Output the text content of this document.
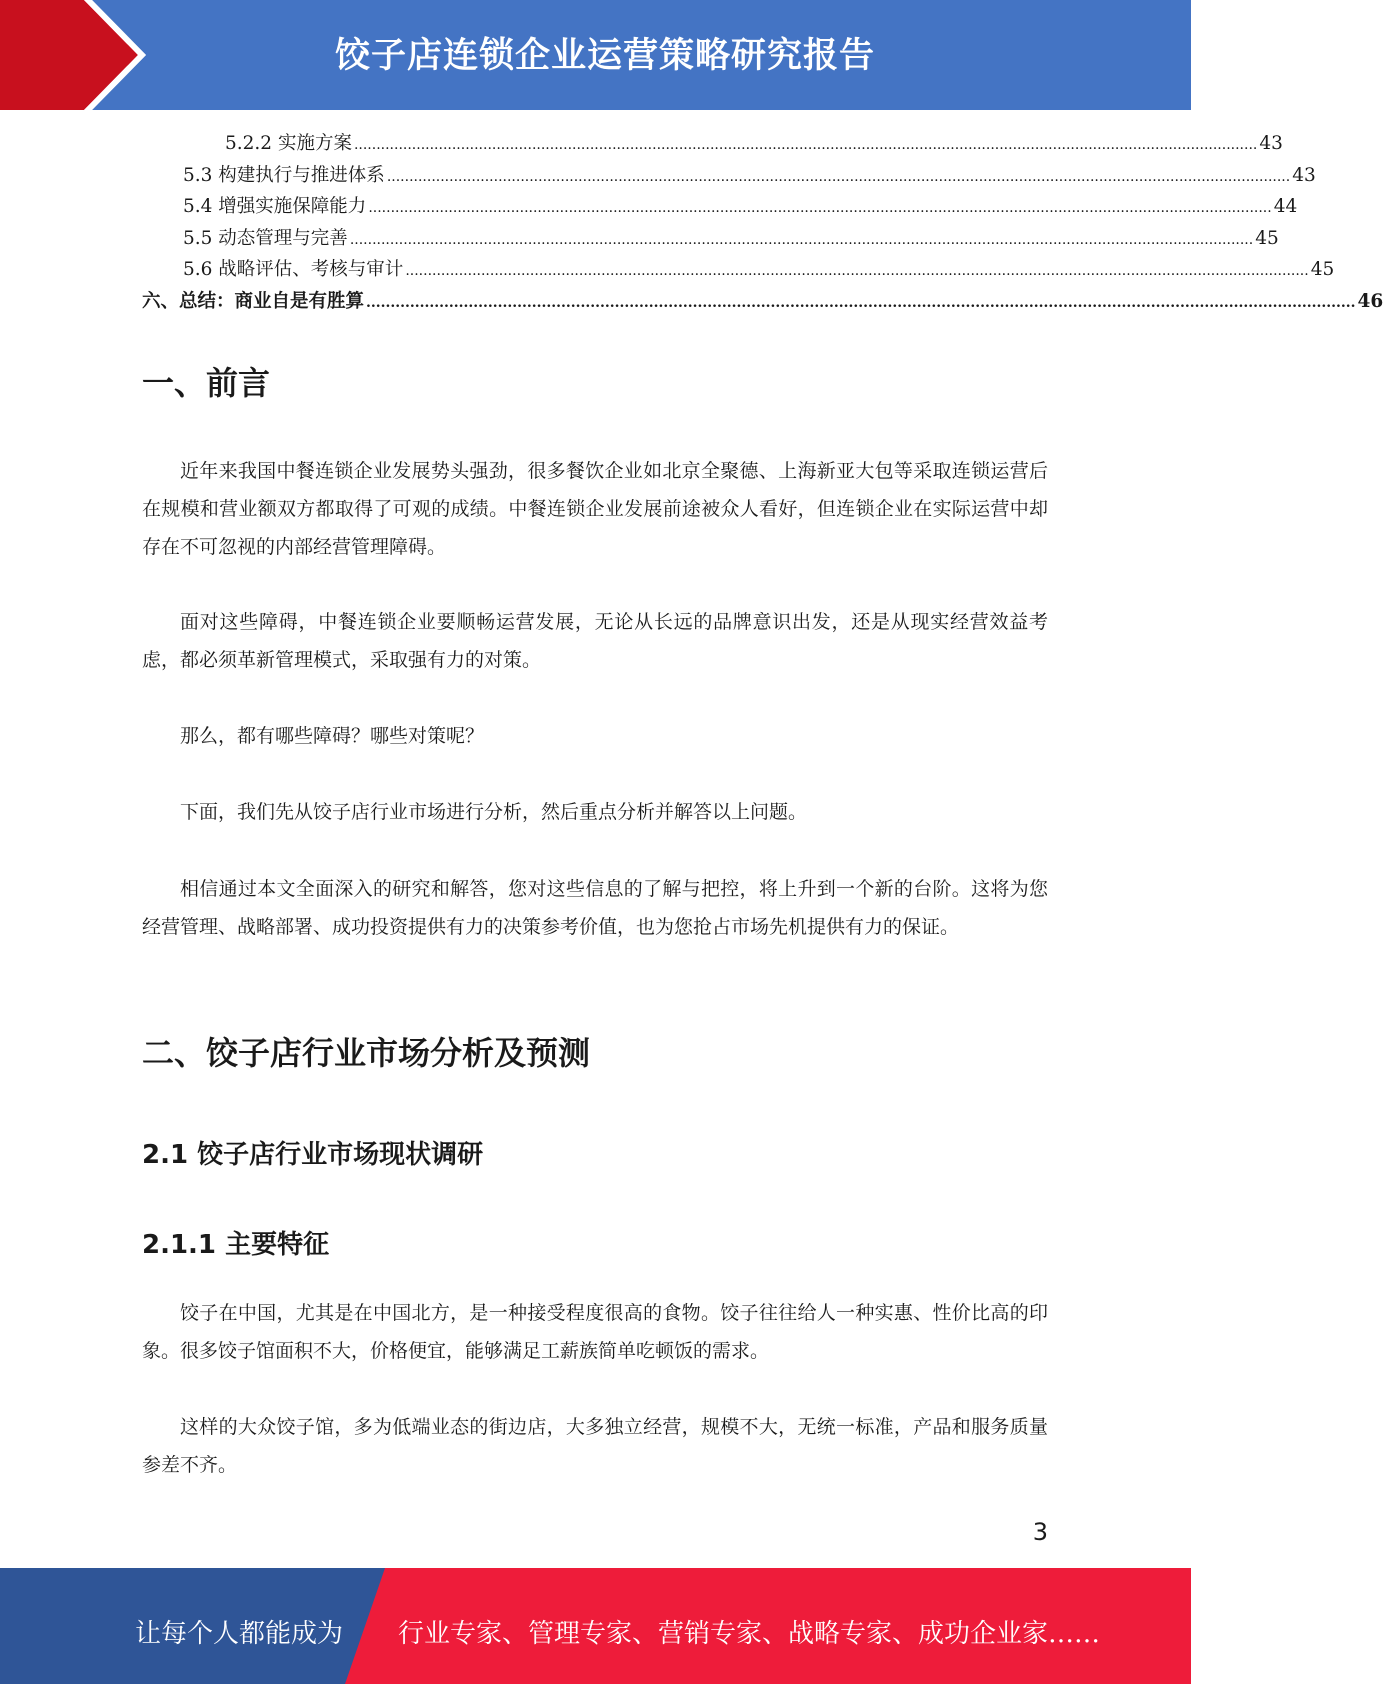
饺子店连锁企业运营策略研究报告
5.2.2 实施方案 ........................................................................................................................................................................................................... 43
5.3 构建执行与推进体系 ........................................................................................................................................................................................................... 43
5.4 增强实施保障能力 ........................................................................................................................................................................................................... 44
5.5 动态管理与完善 ........................................................................................................................................................................................................... 45
5.6 战略评估、考核与审计 ........................................................................................................................................................................................................... 45
六、总结：商业自是有胜算 ........................................................................................................................................................................................................... 46
一、前言
近年来我国中餐连锁企业发展势头强劲，很多餐饮企业如北京全聚德、上海新亚大包等采取连锁运营后在规模和营业额双方都取得了可观的成绩。中餐连锁企业发展前途被众人看好，但连锁企业在实际运营中却存在不可忽视的内部经营管理障碍。
面对这些障碍，中餐连锁企业要顺畅运营发展，无论从长远的品牌意识出发，还是从现实经营效益考虑，都必须革新管理模式，采取强有力的对策。
那么，都有哪些障碍？哪些对策呢？
下面，我们先从饺子店行业市场进行分析，然后重点分析并解答以上问题。
相信通过本文全面深入的研究和解答，您对这些信息的了解与把控，将上升到一个新的台阶。这将为您经营管理、战略部署、成功投资提供有力的决策参考价值，也为您抢占市场先机提供有力的保证。
二、饺子店行业市场分析及预测
2.1 饺子店行业市场现状调研
2.1.1 主要特征
饺子在中国，尤其是在中国北方，是一种接受程度很高的食物。饺子往往给人一种实惠、性价比高的印象。很多饺子馆面积不大，价格便宜，能够满足工薪族简单吃顿饭的需求。
这样的大众饺子馆，多为低端业态的街边店，大多独立经营，规模不大，无统一标准，产品和服务质量参差不齐。
3
让每个人都能成为 行业专家、管理专家、营销专家、战略专家、成功企业家……
